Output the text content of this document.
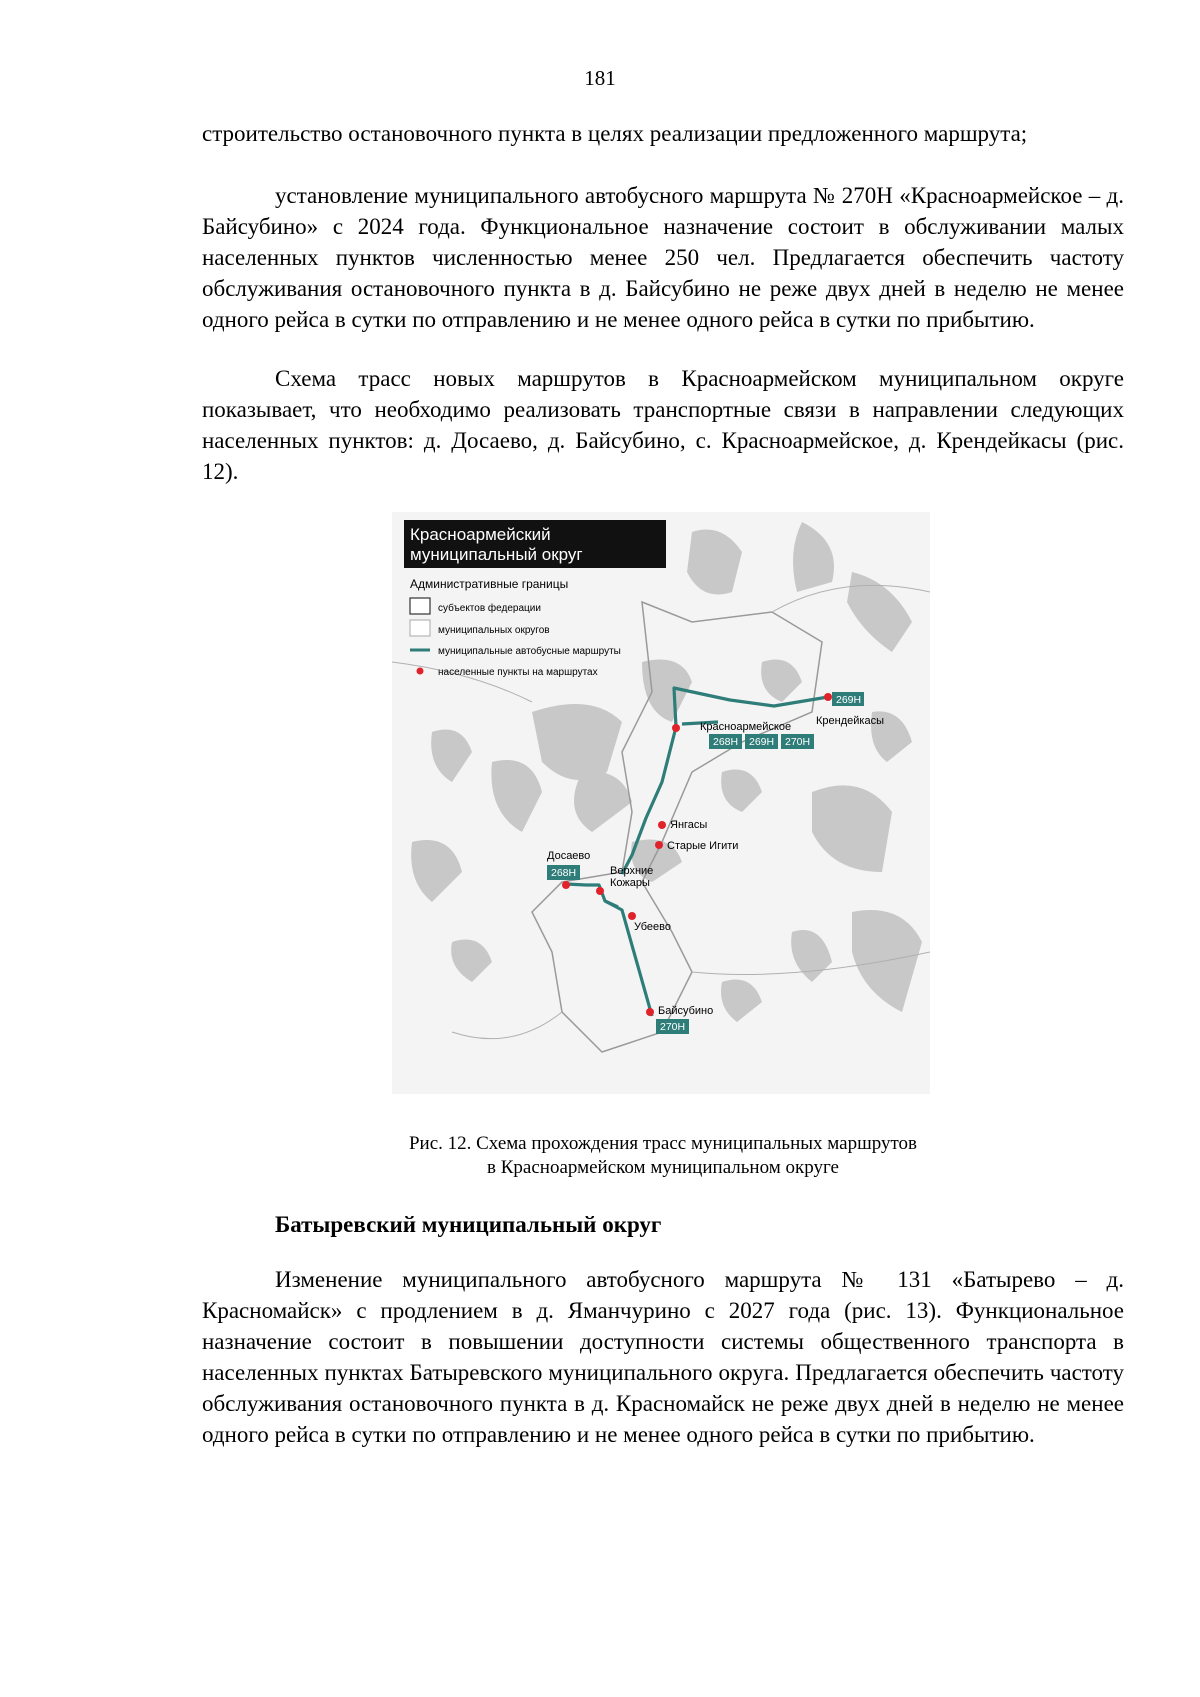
181

строительство остановочного пункта в целях реализации предложенного маршрута;

установление муниципального автобусного маршрута № 270Н «Красноармейское – д. Байсубино» с 2024 года. Функциональное назначение состоит в обслуживании малых населенных пунктов численностью менее 250 чел. Предлагается обеспечить частоту обслуживания остановочного пункта в д. Байсубино не реже двух дней в неделю не менее одного рейса в сутки по отправлению и не менее одного рейса в сутки по прибытию.

Схема трасс новых маршрутов в Красноармейском муниципальном округе показывает, что необходимо реализовать транспортные связи в направлении следующих населенных пунктов: д. Досаево, д. Байсубино, с. Красноармейское, д. Крендейкасы (рис. 12).

Красноармейский
муниципальный округ
Административные границы
субъектов федерации
муниципальных округов
муниципальные автобусные маршруты
населенные пункты на маршрутах
Крендейкасы
Красноармейское
Янгасы
Старые Игити
Досаево
Верхние
Кожары
Убеево
Байсубино
269Н
268Н 269Н 270Н
268Н
270Н
Рис. 12. Схема прохождения трасс муниципальных маршрутов
в Красноармейском муниципальном округе
Батыревский муниципальный округ

Изменение муниципального автобусного маршрута № 131 «Батырево – д. Красномайск» с продлением в д. Яманчурино с 2027 года (рис. 13). Функциональное назначение состоит в повышении доступности системы общественного транспорта в населенных пунктах Батыревского муниципального округа. Предлагается обеспечить частоту обслуживания остановочного пункта в д. Красномайск не реже двух дней в неделю не менее одного рейса в сутки по отправлению и не менее одного рейса в сутки по прибытию.
